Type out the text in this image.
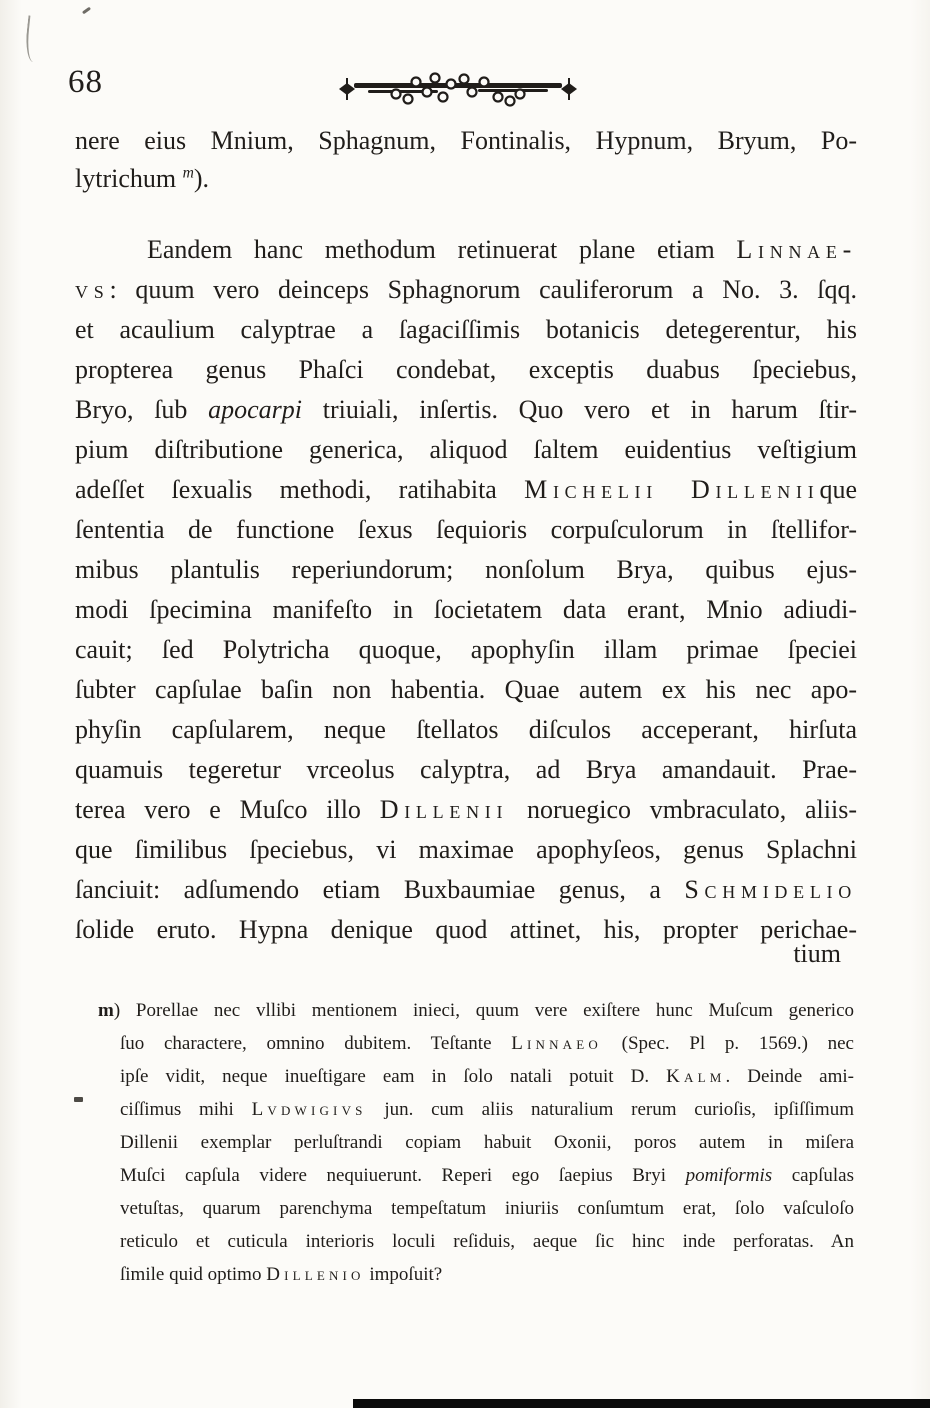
68
nere eius Mnium, Sphagnum, Fontinalis, Hypnum, Bryum, Po-
lytrichum $^m$).
Eandem hanc methodum retinuerat plane etiam Linnae-
vs: quum vero deinceps Sphagnorum cauliferorum a No. 3. ſqq.
et acaulium calyptrae a ſagaciſſimis botanicis detegerentur, his
propterea genus Phaſci condebat, exceptis duabus ſpeciebus,
Bryo, ſub apocarpi triuiali, inſertis. Quo vero et in harum ſtir-
pium diſtributione generica, aliquod ſaltem euidentius veſtigium
adeſſet ſexualis methodi, ratihabita Michelii Dilleniique
ſententia de functione ſexus ſequioris corpuſculorum in ſtellifor-
mibus plantulis reperiundorum; nonſolum Brya, quibus ejus-
modi ſpecimina manifeſto in ſocietatem data erant, Mnio adiudi-
cauit; ſed Polytricha quoque, apophyſin illam primae ſpeciei
ſubter capſulae baſin non habentia. Quae autem ex his nec apo-
phyſin capſularem, neque ſtellatos diſculos acceperant, hirſuta
quamuis tegeretur vrceolus calyptra, ad Brya amandauit. Prae-
terea vero e Muſco illo Dillenii noruegico vmbraculato, aliis-
que ſimilibus ſpeciebus, vi maximae apophyſeos, genus Splachni
ſanciuit: adſumendo etiam Buxbaumiae genus, a Schmidelio
ſolide eruto. Hypna denique quod attinet, his, propter perichae-
tium
m) Porellae nec vllibi mentionem inieci, quum vere exiſtere hunc Muſcum generico
ſuo charactere, omnino dubitem. Teſtante Linnaeo (Spec. Pl p. 1569.) nec
ipſe vidit, neque inueſtigare eam in ſolo natali potuit D. Kalm. Deinde ami-
ciſſimus mihi Lvdwigivs jun. cum aliis naturalium rerum curioſis, ipſiſſimum
Dillenii exemplar perluſtrandi copiam habuit Oxonii, poros autem in miſera
Muſci capſula videre nequiuerunt. Reperi ego ſaepius Bryi pomiformis capſulas
vetuſtas, quarum parenchyma tempeſtatum iniuriis conſumtum erat, ſolo vaſculoſo
reticulo et cuticula interioris loculi reſiduis, aeque ſic hinc inde perforatas. An
ſimile quid optimo Dillenio impoſuit?
